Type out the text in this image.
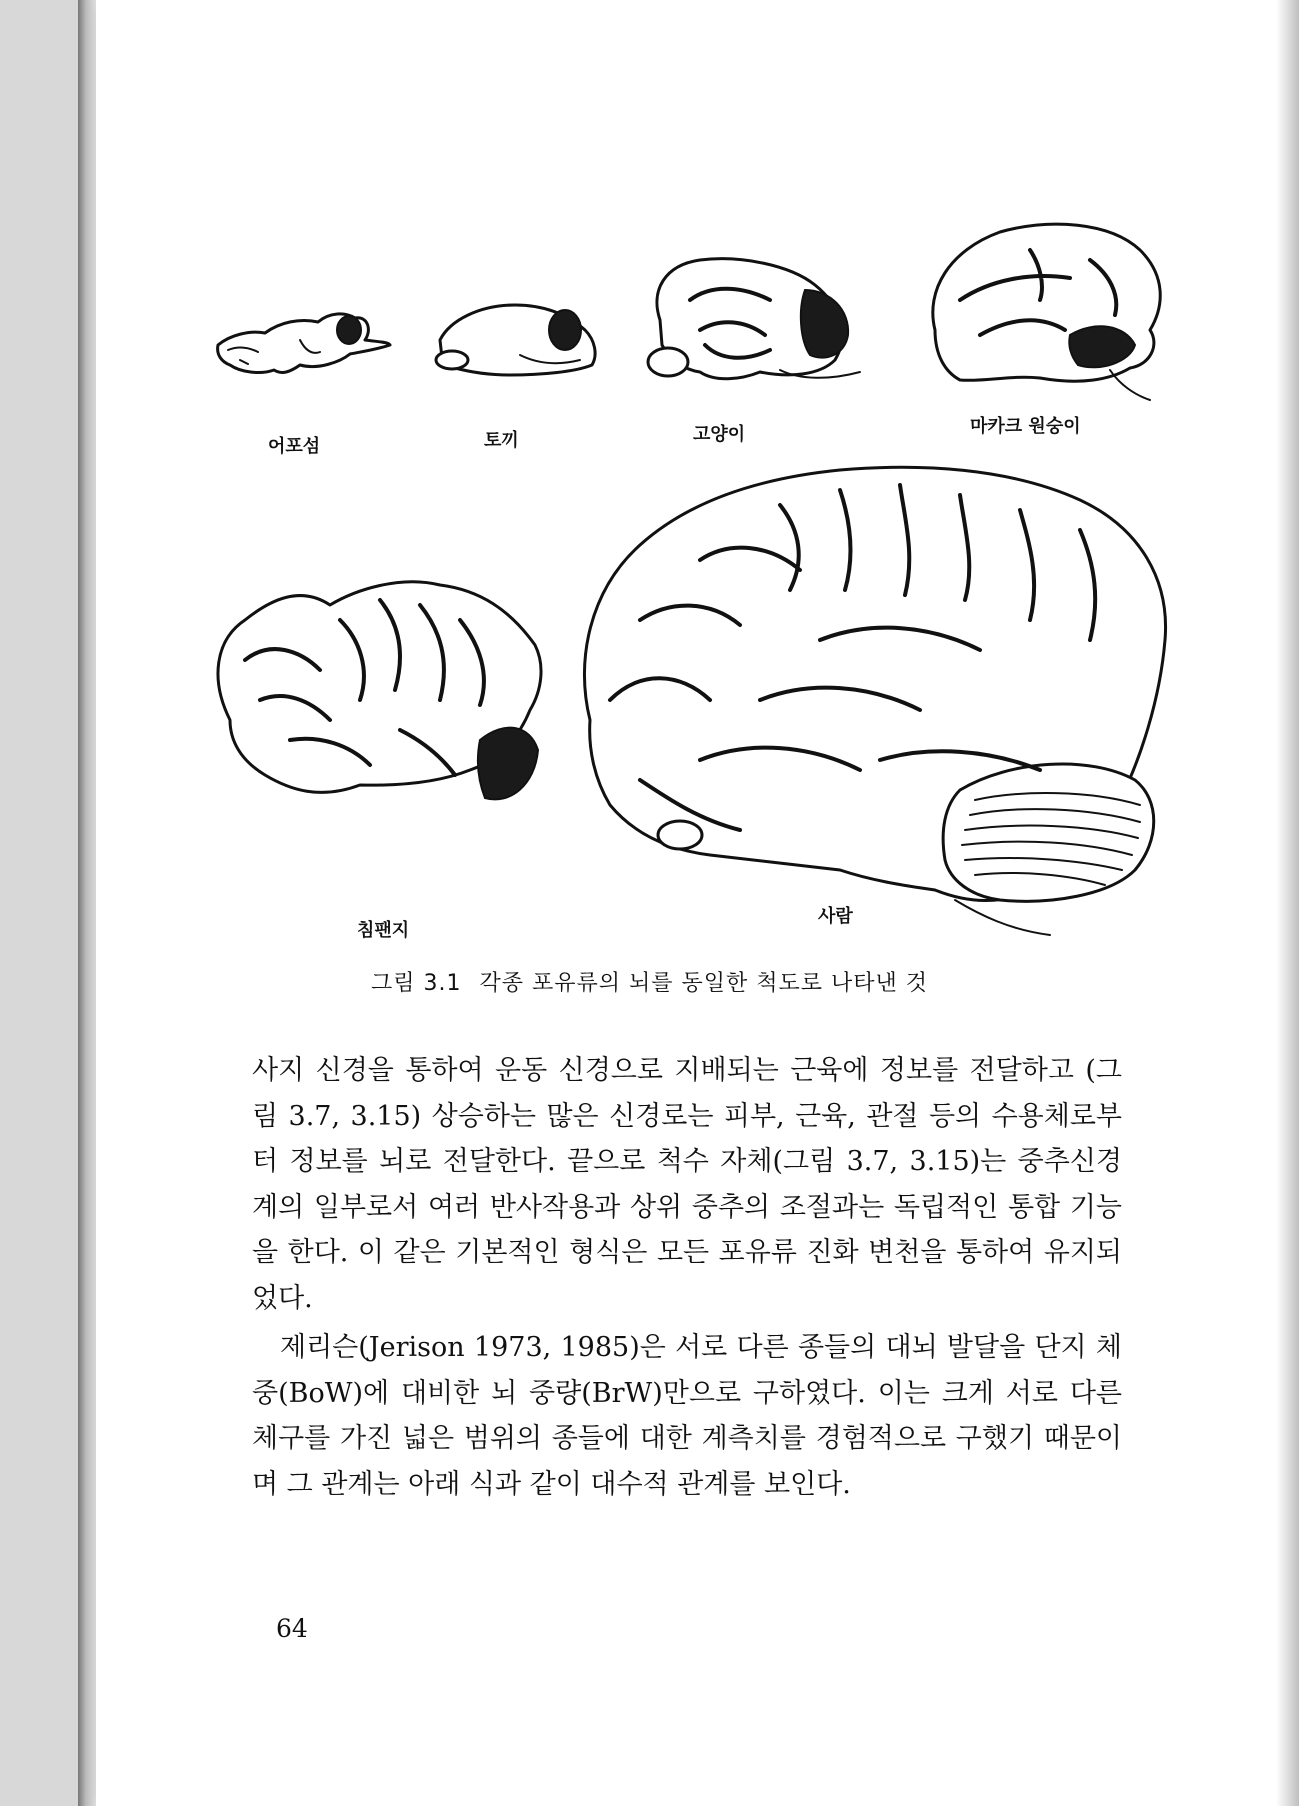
어포섬	토끼	고양이	마카크 원숭이
침팬지
사람
그림 3.1 각종 포유류의 뇌를 동일한 척도로 나타낸 것

사지 신경을 통하여 운동 신경으로 지배되는 근육에 정보를 전달하고 (그림 3.7, 3.15) 상승하는 많은 신경로는 피부, 근육, 관절 등의 수용체로부터 정보를 뇌로 전달한다. 끝으로 척수 자체(그림 3.7, 3.15)는 중추신경계의 일부로서 여러 반사작용과 상위 중추의 조절과는 독립적인 통합 기능을 한다. 이 같은 기본적인 형식은 모든 포유류 진화 변천을 통하여 유지되었다.

제리슨(Jerison 1973, 1985)은 서로 다른 종들의 대뇌 발달을 단지 체중(BoW)에 대비한 뇌 중량(BrW)만으로 구하였다. 이는 크게 서로 다른 체구를 가진 넓은 범위의 종들에 대한 계측치를 경험적으로 구했기 때문이며 그 관계는 아래 식과 같이 대수적 관계를 보인다.

64
